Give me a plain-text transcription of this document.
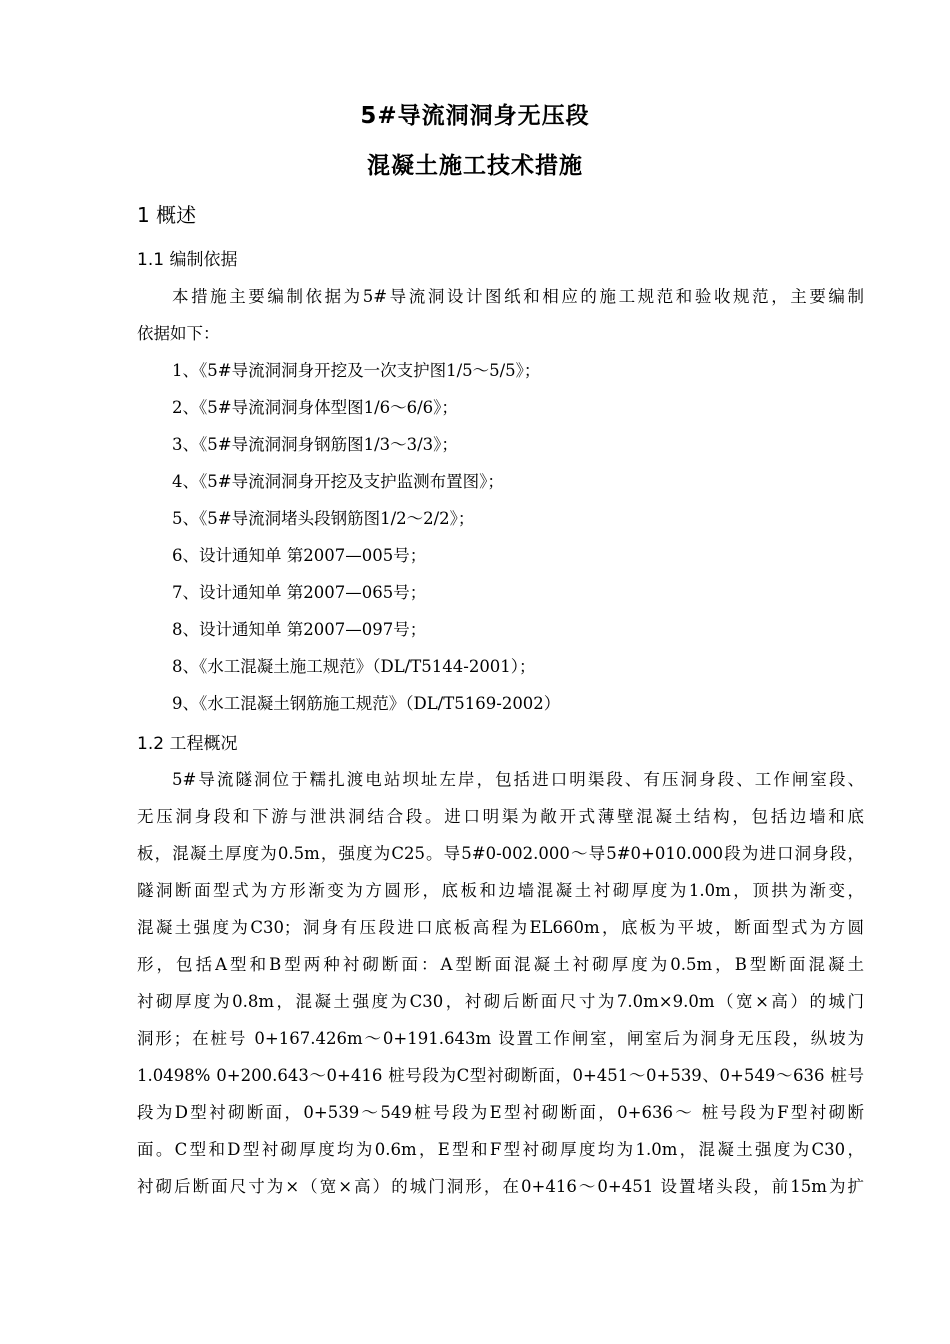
5#导流洞洞身无压段
混凝土施工技术措施
1 概述
1.1 编制依据
本措施主要编制依据为5#导流洞设计图纸和相应的施工规范和验收规范，主要编制
依据如下：
1、《5#导流洞洞身开挖及一次支护图1/5～5/5》；
2、《5#导流洞洞身体型图1/6～6/6》；
3、《5#导流洞洞身钢筋图1/3～3/3》；
4、《5#导流洞洞身开挖及支护监测布置图》；
5、《5#导流洞堵头段钢筋图1/2～2/2》；
6、设计通知单 第2007—005号；
7、设计通知单 第2007—065号；
8、设计通知单 第2007—097号；
8、《水工混凝土施工规范》（DL/T5144-2001）；
9、《水工混凝土钢筋施工规范》（DL/T5169-2002）
1.2 工程概况
5#导流隧洞位于糯扎渡电站坝址左岸，包括进口明渠段、有压洞身段、工作闸室段、
无压洞身段和下游与泄洪洞结合段。进口明渠为敞开式薄壁混凝土结构，包括边墙和底
板，混凝土厚度为0.5m，强度为C25。导5#0-002.000～导5#0+010.000段为进口洞身段，
隧洞断面型式为方形渐变为方圆形，底板和边墙混凝土衬砌厚度为1.0m，顶拱为渐变，
混凝土强度为C30；洞身有压段进口底板高程为EL660m，底板为平坡，断面型式为方圆
形，包括A型和B型两种衬砌断面：A型断面混凝土衬砌厚度为0.5m，B型断面混凝土
衬砌厚度为0.8m，混凝土强度为C30，衬砌后断面尺寸为7.0m×9.0m（宽×高）的城门
洞形；在桩号 0+167.426m～0+191.643m 设置工作闸室，闸室后为洞身无压段，纵坡为
1.0498% 0+200.643～0+416 桩号段为C型衬砌断面，0+451～0+539、0+549～636 桩号
段为D型衬砌断面，0+539～549桩号段为E型衬砌断面，0+636～ 桩号段为F型衬砌断
面。C型和D型衬砌厚度均为0.6m，E型和F型衬砌厚度均为1.0m，混凝土强度为C30，
衬砌后断面尺寸为×（宽×高）的城门洞形，在0+416～0+451 设置堵头段，前15m为扩
